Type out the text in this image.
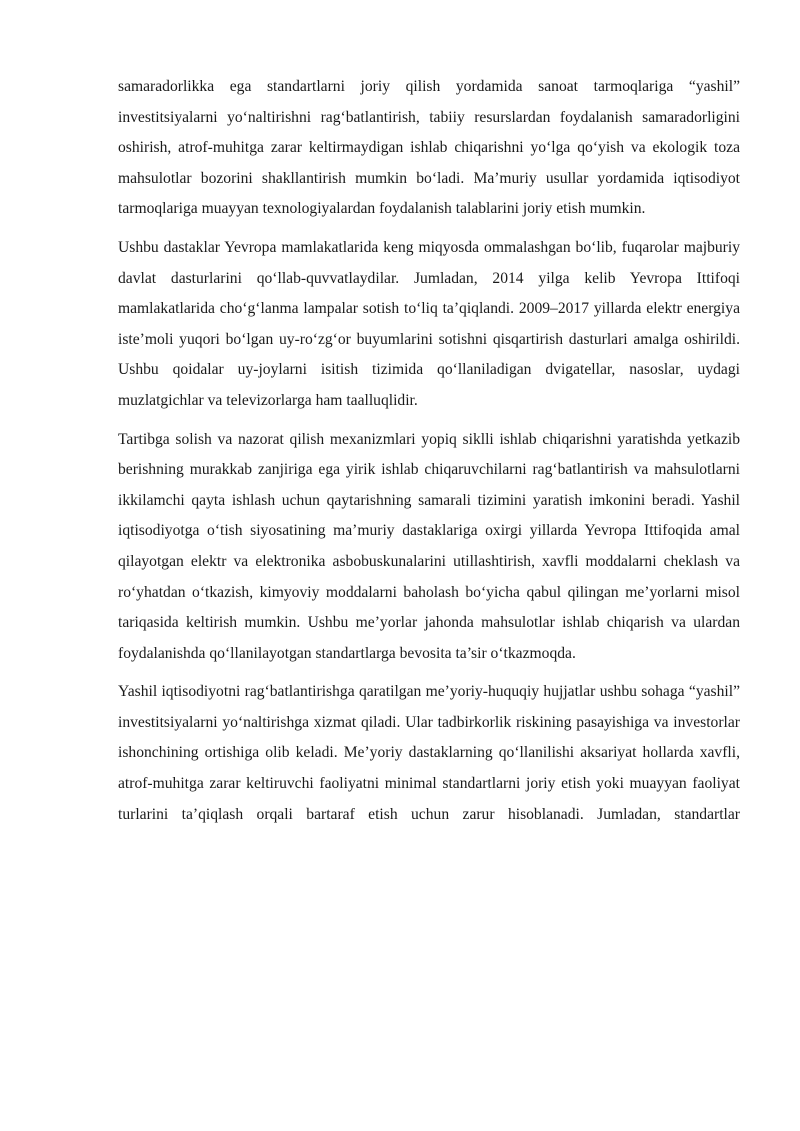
samaradorlikka ega standartlarni joriy qilish yordamida sanoat tarmoqlariga “yashil” investitsiyalarni yo‘naltirishni rag‘batlantirish, tabiiy resurslardan foydalanish samaradorligini oshirish, atrof-muhitga zarar keltirmaydigan ishlab chiqarishni yo‘lga qo‘yish va ekologik toza mahsulotlar bozorini shakllantirish mumkin bo‘ladi. Ma’muriy usullar yordamida iqtisodiyot tarmoqlariga muayyan texnologiyalardan foydalanish talablarini joriy etish mumkin.

Ushbu dastaklar Yevropa mamlakatlarida keng miqyosda ommalashgan bo‘lib, fuqarolar majburiy davlat dasturlarini qo‘llab-quvvatlaydilar. Jumladan, 2014 yilga kelib Yevropa Ittifoqi mamlakatlarida cho‘g‘lanma lampalar sotish to‘liq ta’qiqlandi. 2009–2017 yillarda elektr energiya iste’moli yuqori bo‘lgan uy-ro‘zg‘or buyumlarini sotishni qisqartirish dasturlari amalga oshirildi. Ushbu qoidalar uy-joylarni isitish tizimida qo‘llaniladigan dvigatellar, nasoslar, uydagi muzlatgichlar va televizorlarga ham taalluqlidir.

Tartibga solish va nazorat qilish mexanizmlari yopiq siklli ishlab chiqarishni yaratishda yetkazib berishning murakkab zanjiriga ega yirik ishlab chiqaruvchilarni rag‘batlantirish va mahsulotlarni ikkilamchi qayta ishlash uchun qaytarishning samarali tizimini yaratish imkonini beradi. Yashil iqtisodiyotga o‘tish siyosatining ma’muriy dastaklariga oxirgi yillarda Yevropa Ittifoqida amal qilayotgan elektr va elektronika asbobuskunalarini utillashtirish, xavfli moddalarni cheklash va ro‘yhatdan o‘tkazish, kimyoviy moddalarni baholash bo‘yicha qabul qilingan me’yorlarni misol tariqasida keltirish mumkin. Ushbu me’yorlar jahonda mahsulotlar ishlab chiqarish va ulardan foydalanishda qo‘llanilayotgan standartlarga bevosita ta’sir o‘tkazmoqda.

Yashil iqtisodiyotni rag‘batlantirishga qaratilgan me’yoriy-huquqiy hujjatlar ushbu sohaga “yashil” investitsiyalarni yo‘naltirishga xizmat qiladi. Ular tadbirkorlik riskining pasayishiga va investorlar ishonchining ortishiga olib keladi. Me’yoriy dastaklarning qo‘llanilishi aksariyat hollarda xavfli, atrof-muhitga zarar keltiruvchi faoliyatni minimal standartlarni joriy etish yoki muayyan faoliyat turlarini ta’qiqlash orqali bartaraf etish uchun zarur hisoblanadi. Jumladan, standartlar
